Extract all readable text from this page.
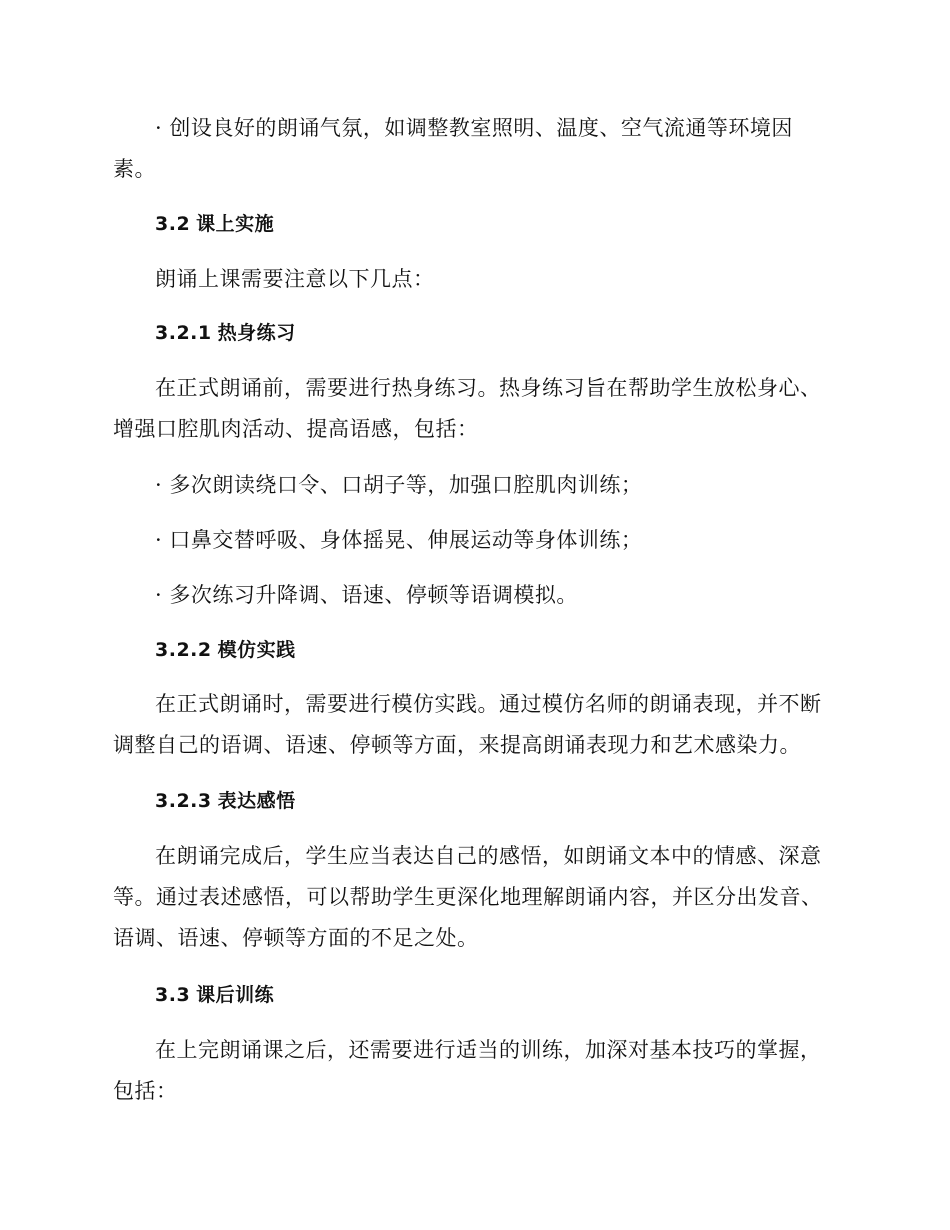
· 创设良好的朗诵气氛，如调整教室照明、温度、空气流通等环境因素。

3.2 课上实施

朗诵上课需要注意以下几点：

3.2.1 热身练习

在正式朗诵前，需要进行热身练习。热身练习旨在帮助学生放松身心、增强口腔肌肉活动、提高语感，包括：

· 多次朗读绕口令、口胡子等，加强口腔肌肉训练；

· 口鼻交替呼吸、身体摇晃、伸展运动等身体训练；

· 多次练习升降调、语速、停顿等语调模拟。

3.2.2 模仿实践

在正式朗诵时，需要进行模仿实践。通过模仿名师的朗诵表现，并不断调整自己的语调、语速、停顿等方面，来提高朗诵表现力和艺术感染力。

3.2.3 表达感悟

在朗诵完成后，学生应当表达自己的感悟，如朗诵文本中的情感、深意等。通过表述感悟，可以帮助学生更深化地理解朗诵内容，并区分出发音、语调、语速、停顿等方面的不足之处。

3.3 课后训练

在上完朗诵课之后，还需要进行适当的训练，加深对基本技巧的掌握，包括：
